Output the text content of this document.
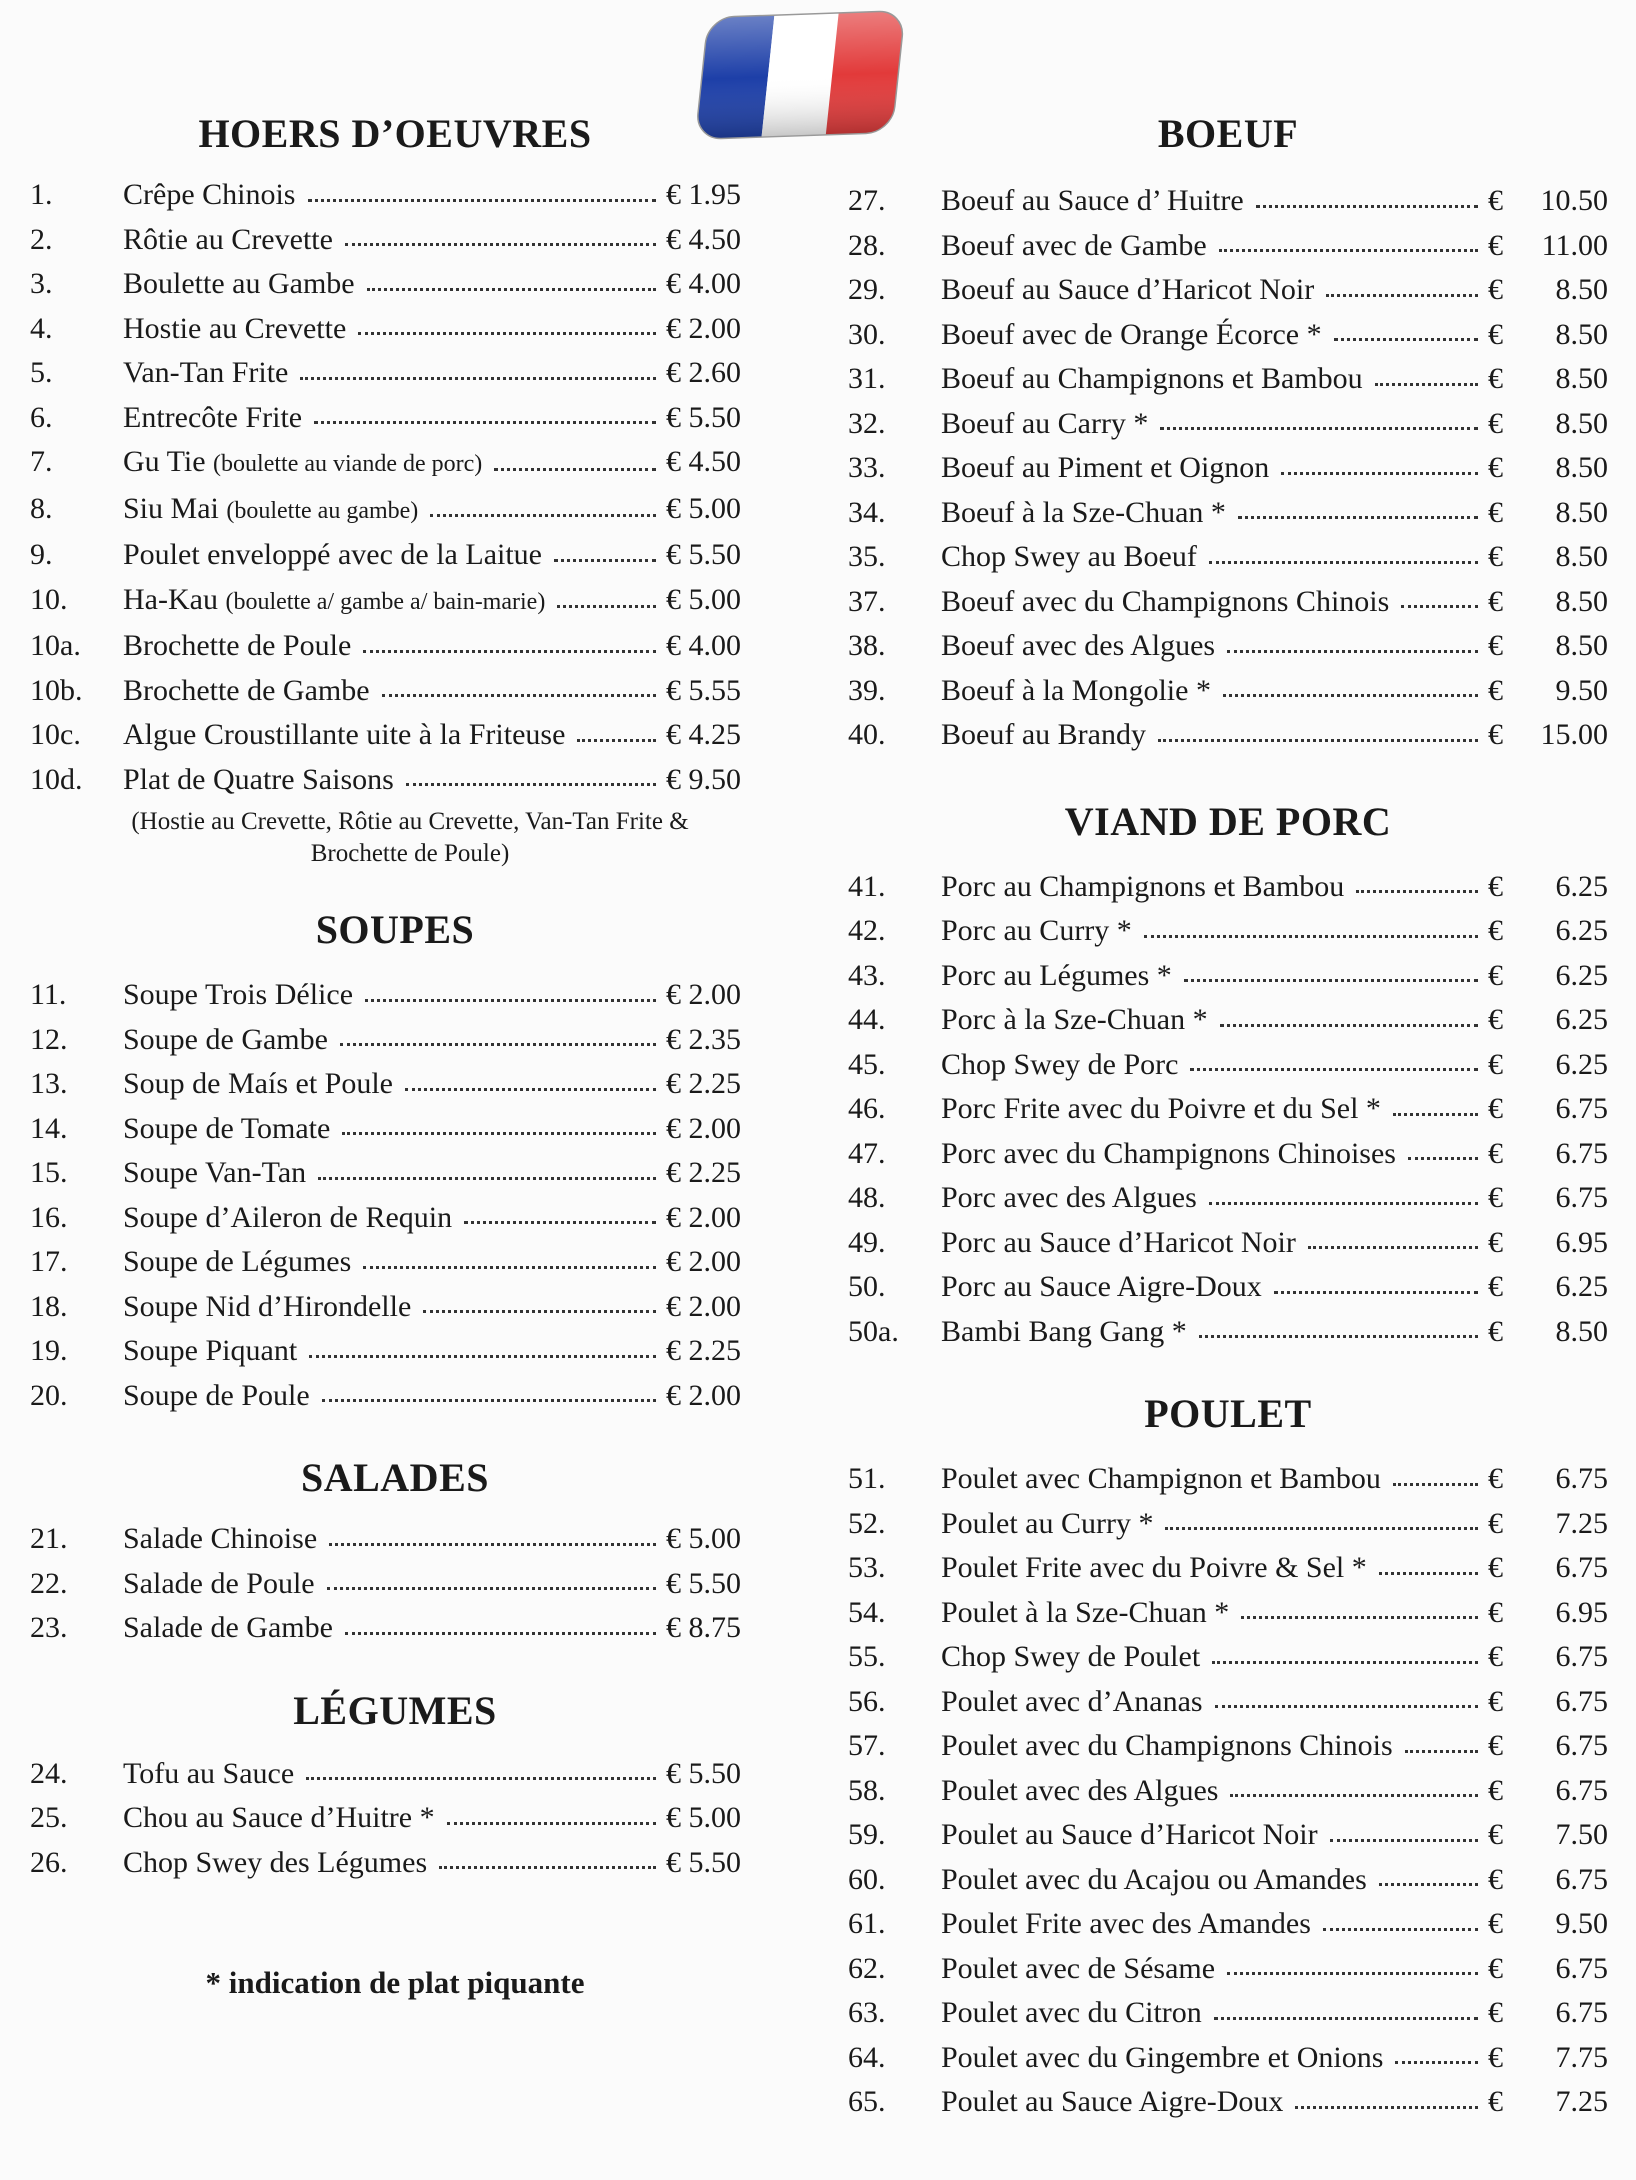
HOERS D’OEUVRES
1.	Crêpe Chinois	€ 1.95
2.	Rôtie au Crevette	€ 4.50
3.	Boulette au Gambe	€ 4.00
4.	Hostie au Crevette	€ 2.00
5.	Van-Tan Frite	€ 2.60
6.	Entrecôte Frite	€ 5.50
7.	Gu Tie (boulette au viande de porc)	€ 4.50
8.	Siu Mai (boulette au gambe)	€ 5.00
9.	Poulet enveloppé avec de la Laitue	€ 5.50
10.	Ha-Kau (boulette a/ gambe a/ bain-marie)	€ 5.00
10a.	Brochette de Poule	€ 4.00
10b.	Brochette de Gambe	€ 5.55
10c.	Algue Croustillante uite à la Friteuse	€ 4.25
10d.	Plat de Quatre Saisons	€ 9.50

(Hostie au Crevette, Rôtie au Crevette, Van-Tan Frite & Brochette de Poule)

SOUPES
11.	Soupe Trois Délice	€ 2.00
12.	Soupe de Gambe	€ 2.35
13.	Soup de Maís et Poule	€ 2.25
14.	Soupe de Tomate	€ 2.00
15.	Soupe Van-Tan	€ 2.25
16.	Soupe d’Aileron de Requin	€ 2.00
17.	Soupe de Légumes	€ 2.00
18.	Soupe Nid d’Hirondelle	€ 2.00
19.	Soupe Piquant	€ 2.25
20.	Soupe de Poule	€ 2.00
SALADES
21.	Salade Chinoise	€ 5.00
22.	Salade de Poule	€ 5.50
23.	Salade de Gambe	€ 8.75
LÉGUMES
24.	Tofu au Sauce	€ 5.50
25.	Chou au Sauce d’Huitre *	€ 5.00
26.	Chop Swey des Légumes	€ 5.50

* indication de plat piquante

BOEUF
27.	Boeuf au Sauce d’ Huitre	€	10.50
28.	Boeuf avec de Gambe	€	11.00
29.	Boeuf au Sauce d’Haricot Noir	€	8.50
30.	Boeuf avec de Orange Écorce *	€	8.50
31.	Boeuf au Champignons et Bambou	€	8.50
32.	Boeuf au Carry *	€	8.50
33.	Boeuf au Piment et Oignon	€	8.50
34.	Boeuf à la Sze-Chuan *	€	8.50
35.	Chop Swey au Boeuf	€	8.50
37.	Boeuf avec du Champignons Chinois	€	8.50
38.	Boeuf avec des Algues	€	8.50
39.	Boeuf à la Mongolie *	€	9.50
40.	Boeuf au Brandy	€	15.00
VIAND DE PORC
41.	Porc au Champignons et Bambou	€	6.25
42.	Porc au Curry *	€	6.25
43.	Porc au Légumes *	€	6.25
44.	Porc à la Sze-Chuan *	€	6.25
45.	Chop Swey de Porc	€	6.25
46.	Porc Frite avec du Poivre et du Sel *	€	6.75
47.	Porc avec du Champignons Chinoises	€	6.75
48.	Porc avec des Algues	€	6.75
49.	Porc au Sauce d’Haricot Noir	€	6.95
50.	Porc au Sauce Aigre-Doux	€	6.25
50a.	Bambi Bang Gang *	€	8.50
POULET
51.	Poulet avec Champignon et Bambou	€	6.75
52.	Poulet au Curry *	€	7.25
53.	Poulet Frite avec du Poivre & Sel *	€	6.75
54.	Poulet à la Sze-Chuan *	€	6.95
55.	Chop Swey de Poulet	€	6.75
56.	Poulet avec d’Ananas	€	6.75
57.	Poulet avec du Champignons Chinois	€	6.75
58.	Poulet avec des Algues	€	6.75
59.	Poulet au Sauce d’Haricot Noir	€	7.50
60.	Poulet avec du Acajou ou Amandes	€	6.75
61.	Poulet Frite avec des Amandes	€	9.50
62.	Poulet avec de Sésame	€	6.75
63.	Poulet avec du Citron	€	6.75
64.	Poulet avec du Gingembre et Onions	€	7.75
65.	Poulet au Sauce Aigre-Doux	€	7.25
